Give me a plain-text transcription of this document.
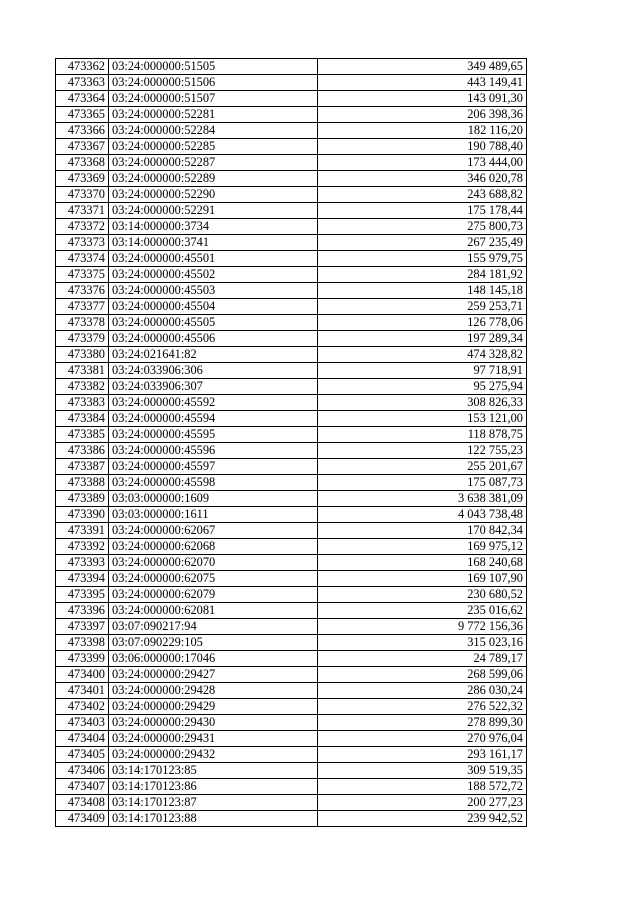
473362	03:24:000000:51505	349 489,65
473363	03:24:000000:51506	443 149,41
473364	03:24:000000:51507	143 091,30
473365	03:24:000000:52281	206 398,36
473366	03:24:000000:52284	182 116,20
473367	03:24:000000:52285	190 788,40
473368	03:24:000000:52287	173 444,00
473369	03:24:000000:52289	346 020,78
473370	03:24:000000:52290	243 688,82
473371	03:24:000000:52291	175 178,44
473372	03:14:000000:3734	275 800,73
473373	03:14:000000:3741	267 235,49
473374	03:24:000000:45501	155 979,75
473375	03:24:000000:45502	284 181,92
473376	03:24:000000:45503	148 145,18
473377	03:24:000000:45504	259 253,71
473378	03:24:000000:45505	126 778,06
473379	03:24:000000:45506	197 289,34
473380	03:24:021641:82	474 328,82
473381	03:24:033906:306	97 718,91
473382	03:24:033906:307	95 275,94
473383	03:24:000000:45592	308 826,33
473384	03:24:000000:45594	153 121,00
473385	03:24:000000:45595	118 878,75
473386	03:24:000000:45596	122 755,23
473387	03:24:000000:45597	255 201,67
473388	03:24:000000:45598	175 087,73
473389	03:03:000000:1609	3 638 381,09
473390	03:03:000000:1611	4 043 738,48
473391	03:24:000000:62067	170 842,34
473392	03:24:000000:62068	169 975,12
473393	03:24:000000:62070	168 240,68
473394	03:24:000000:62075	169 107,90
473395	03:24:000000:62079	230 680,52
473396	03:24:000000:62081	235 016,62
473397	03:07:090217:94	9 772 156,36
473398	03:07:090229:105	315 023,16
473399	03:06:000000:17046	24 789,17
473400	03:24:000000:29427	268 599,06
473401	03:24:000000:29428	286 030,24
473402	03:24:000000:29429	276 522,32
473403	03:24:000000:29430	278 899,30
473404	03:24:000000:29431	270 976,04
473405	03:24:000000:29432	293 161,17
473406	03:14:170123:85	309 519,35
473407	03:14:170123:86	188 572,72
473408	03:14:170123:87	200 277,23
473409	03:14:170123:88	239 942,52
